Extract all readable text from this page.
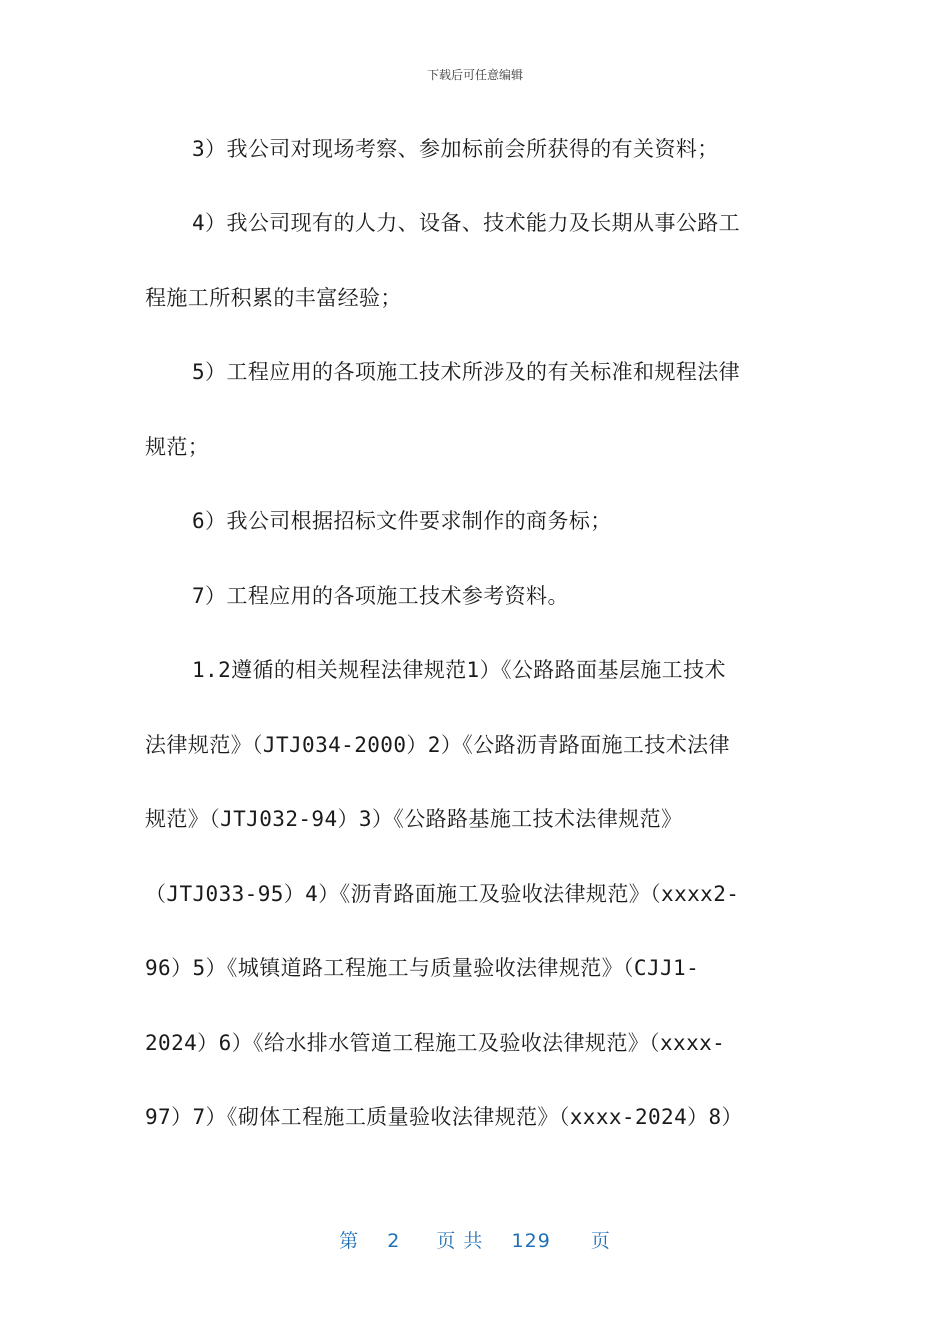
下载后可任意编辑
3）我公司对现场考察、参加标前会所获得的有关资料；
4）我公司现有的人力、设备、技术能力及长期从事公路工
程施工所积累的丰富经验；
5）工程应用的各项施工技术所涉及的有关标准和规程法律
规范；
6）我公司根据招标文件要求制作的商务标；
7）工程应用的各项施工技术参考资料。
1.2遵循的相关规程法律规范1）《公路路面基层施工技术
法律规范》（JTJ034-2000）2）《公路沥青路面施工技术法律
规范》（JTJ032-94）3）《公路路基施工技术法律规范》
（JTJ033-95）4）《沥青路面施工及验收法律规范》（xxxx2-
96）5）《城镇道路工程施工与质量验收法律规范》（CJJ1-
2024）6）《给水排水管道工程施工及验收法律规范》（xxxx-
97）7）《砌体工程施工质量验收法律规范》（xxxx-2024）8）
第 2 页 共 129 页
